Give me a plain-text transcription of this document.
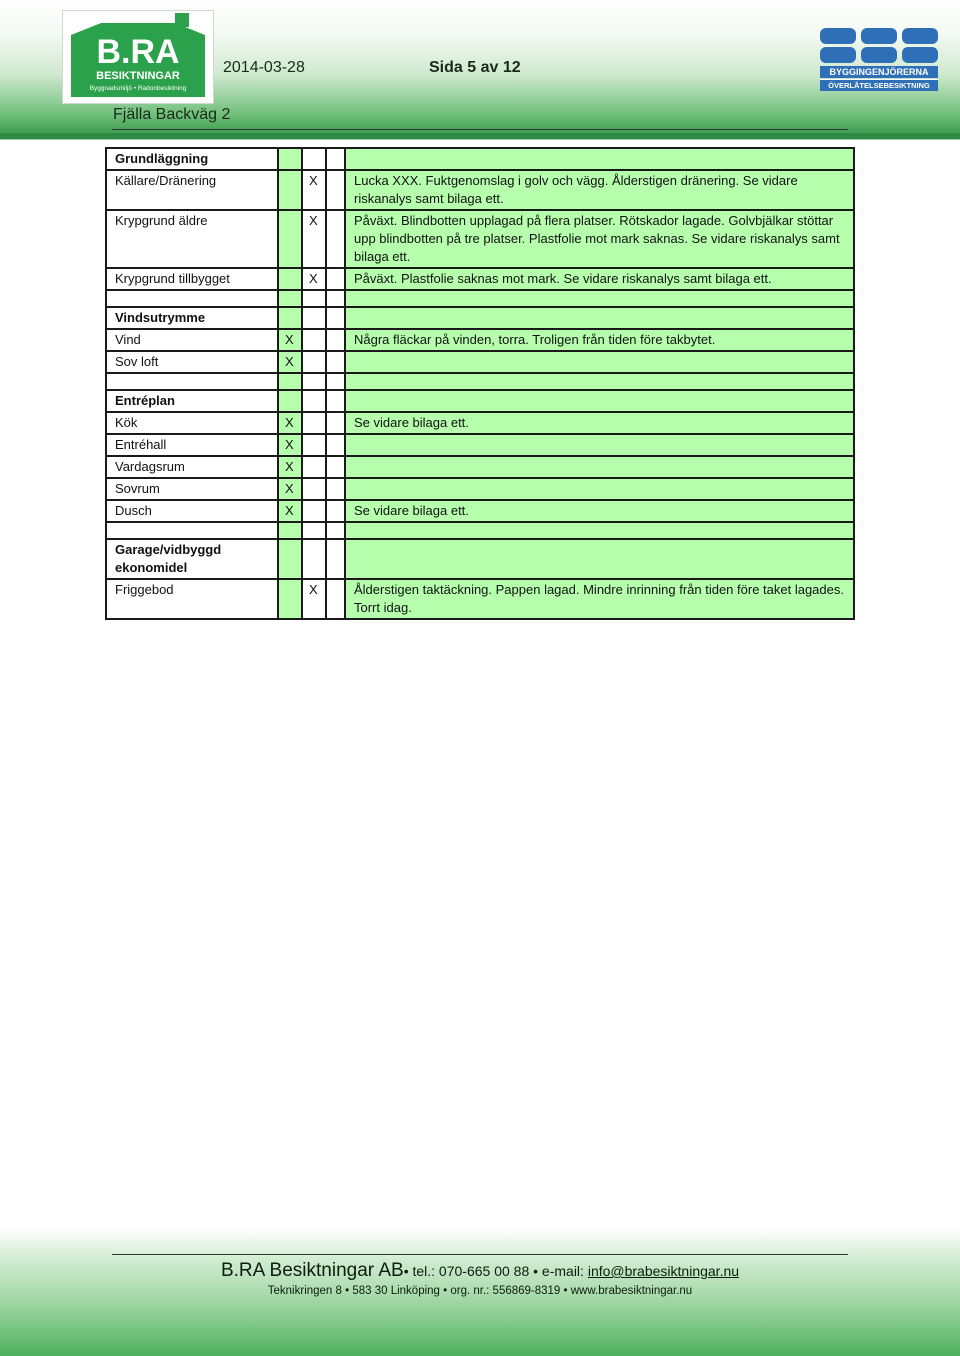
B.RA
BESIKTNINGAR
Byggnadsmiljö • Radonbesiktning
2014-03-28	Sida 5 av 12
Fjälla Backväg 2
BYGGINGENJÖRERNA
ÖVERLÅTELSEBESIKTNING
Grundläggning				
Källare/Dränering		X		Lucka XXX. Fuktgenomslag i golv och vägg. Ålderstigen dränering. Se vidare riskanalys samt bilaga ett.
Krypgrund äldre		X		Påväxt. Blindbotten upplagad på flera platser. Rötskador lagade. Golvbjälkar stöttar upp blindbotten på tre platser. Plastfolie mot mark saknas. Se vidare riskanalys samt bilaga ett.
Krypgrund tillbygget		X		Påväxt. Plastfolie saknas mot mark. Se vidare riskanalys samt bilaga ett.

Vindsutrymme				
Vind	X			Några fläckar på vinden, torra. Troligen från tiden före takbytet.
Sov loft	X			

Entréplan				
Kök	X			Se vidare bilaga ett.
Entréhall	X			
Vardagsrum	X			
Sovrum	X			
Dusch	X			Se vidare bilaga ett.

Garage/vidbyggd ekonomidel				
Friggebod		X		Ålderstigen taktäckning. Pappen lagad. Mindre inrinning från tiden före taket lagades. Torrt idag.
B.RA Besiktningar AB• tel.: 070-665 00 88 • e-mail: info@brabesiktningar.nu
Teknikringen 8 • 583 30 Linköping • org. nr.: 556869-8319 • www.brabesiktningar.nu
